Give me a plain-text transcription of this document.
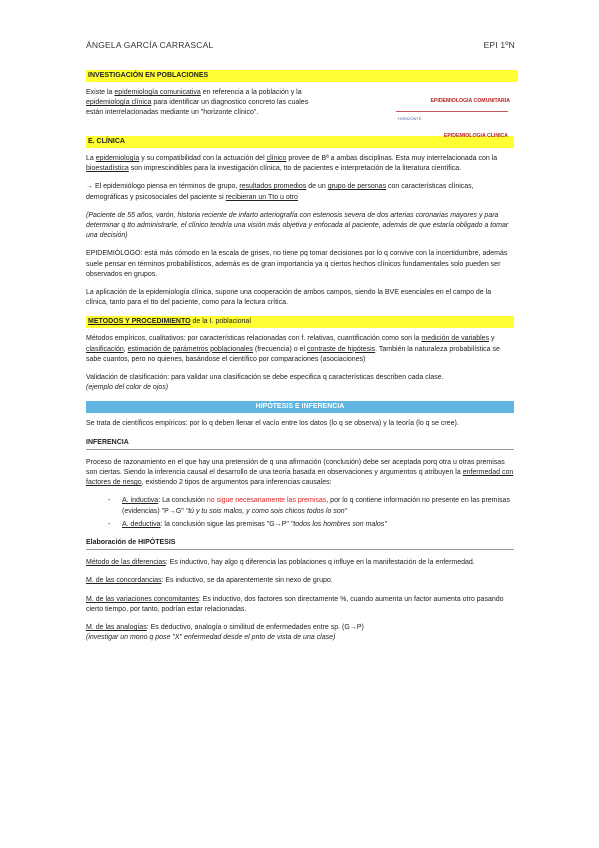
ÁNGELA GARCÍA CARRASCAL	EPI 1ºN
INVESTIGACIÓN EN POBLACIONES

Existe la epidemiología comunicativa en referencia a la población y la epidemiología clínica para identificar un diagnostico concreto las cuales están interrelacionadas mediante un "horizonte clínico".

EPIDEMIOLOGIA COMUNITARIA
HORIZONTE
EPIDEMIOLOGIA CLINICA
E. CLÍNICA

La epidemiología y su compatibilidad con la actuación del clínico provee de Bª a ambas disciplinas. Esta muy interrelacionada con la bioestadística son imprescindibles para la investigación clínica, tto de pacientes e interpretación de la literatura científica.

→ El epidemiólogo piensa en términos de grupo, resultados promedios de un grupo de personas con características clínicas, demográficas y psicosociales del paciente si recibieran un Tto u otro

(Paciente de 55 años, varón, historia reciente de infarto arteriografía con estenosis severa de dos arterias coronarias mayores y para determinar q tto administrarle, el clínico tendría una visión más objetiva y enfocada al paciente, además de que estaría obligado a tomar una decisión)

EPIDEMIÓLOGO: está más cómodo en la escala de grises, no tiene pq tomar decisiones por lo q convive con la incertidumbre, además suele pensar en términos probabilísticos, además es de gran importancia ya q ciertos hechos clínicos fundamentales solo pueden ser observados en grupos.

La aplicación de la epidemiología clínica, supone una cooperación de ambos campos, siendo la BVE esenciales en el campo de la clínica, tanto para el tto del paciente, como para la lectura crítica.

METODOS Y PROCEDIMIENTO de la I. poblacional

Métodos empíricos, cualitativos: por características relacionadas con f. relativas, cuantificación como son la medición de variables y clasificación, estimación de parámetros poblacionales (frecuencia) o el contraste de hipótesis. También la naturaleza probabilística se sabe cuantos, pero no quienes, basándose el científico por comparaciones (asociaciones)

Validación de clasificación: para validar una clasificación se debe especifica q características describen cada clase.
(ejemplo del color de ojos)

HIPÓTESIS E INFERENCIA

Se trata de científicos empíricos: por lo q deben llenar el vacío entre los datos (lo q se observa) y la teoría (lo q se cree).

INFERENCIA

Proceso de razonamiento en el que hay una pretensión de q una afirmación (conclusión) debe ser aceptada porq otra u otras premisas son ciertas. Siendo la inferencia causal el desarrollo de una teoría basada en observaciones y argumentos q atribuyen la enfermedad con factores de riesgo, existiendo 2 tipos de argumentos para inferencias causales:

- A. inductiva: La conclusión no sigue necesariamente las premisas, por lo q contiene información no presente en las premisas (evidencias) "P→G" "tú y tu sois malos, y como sois chicos todos lo son"
- A. deductiva: la conclusión sigue las premisas "G→P" "todos los hombres son malos"
Elaboración de HIPÓTESIS

Método de las diferencias: Es inductivo, hay algo q diferencia las poblaciones q influye en la manifestación de la enfermedad.

M. de las concordancias: Es inductivo, se da aparentemente sin nexo de grupo.

M. de las variaciones concomitantes: Es inductivo, dos factores son directamente %, cuando aumenta un factor aumenta otro pasando cierto tiempo, por tanto, podrían estar relacionadas.

M. de las analogías: Es deductivo, analogía o similitud de enfermedades entre sp. (G→P)
(investigar un mono q pose "X" enfermedad desde el pnto de vista de una clase)
